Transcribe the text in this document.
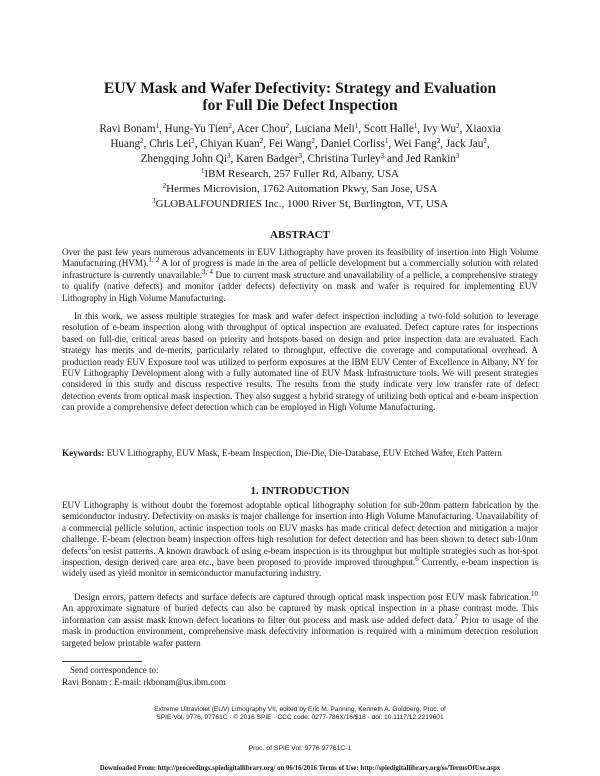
EUV Mask and Wafer Defectivity: Strategy and Evaluation
for Full Die Defect Inspection
Ravi Bonam$^1$, Hung-Yu Tien$^2$, Acer Chou$^2$, Luciana Meli$^1$, Scott Halle$^1$, Ivy Wu$^2$, Xiaoxia
Huang$^2$, Chris Lei$^2$, Chiyan Kuan$^2$, Fei Wang$^2$, Daniel Corliss$^1$, Wei Fang$^2$, Jack Jau$^2$,
Zhengqing John Qi$^3$, Karen Badger$^3$, Christina Turley$^3$ and Jed Rankin$^3$
$^1$IBM Research, 257 Fuller Rd, Albany, USA
$^2$Hermes Microvision, 1762 Automation Pkwy, San Jose, USA
$^3$GLOBALFOUNDRIES Inc., 1000 River St, Burlington, VT, USA
ABSTRACT
Over the past few years numerous advancements in EUV Lithography have proven its feasibility of insertion into High Volume Manufacturing (HVM).$^{1, 2}$ A lot of progress is made in the area of pellicle development but a commercially solution with related infrastructure is currently unavailable.$^{3, 4}$ Due to current mask structure and unavailability of a pellicle, a comprehensive strategy to qualify (native defects) and monitor (adder defects) defectivity on mask and wafer is required for implementing EUV Lithography in High Volume Manufacturing.
In this work, we assess multiple strategies for mask and wafer defect inspection including a two-fold solution to leverage resolution of e-beam inspection along with throughput of optical inspection are evaluated. Defect capture rates for inspections based on full-die, critical areas based on priority and hotspots based on design and prior inspection data are evaluated. Each strategy has merits and de-merits, particularly related to throughput, effective die coverage and computational overhead. A production ready EUV Exposure tool was utilized to perform exposures at the IBM EUV Center of Excellence in Albany, NY for EUV Lithography Development along with a fully automated line of EUV Mask Infrastructure tools. We will present strategies considered in this study and discuss respective results. The results from the study indicate very low transfer rate of defect detection events from optical mask inspection. They also suggest a hybrid strategy of utilizing both optical and e-beam inspection can provide a comprehensive defect detection which can be employed in High Volume Manufacturing.
Keywords: EUV Lithography, EUV Mask, E-beam Inspection, Die-Die, Die-Database, EUV Etched Wafer, Etch Pattern
1. INTRODUCTION
EUV Lithography is without doubt the foremost adoptable optical lithography solution for sub-20nm pattern fabrication by the semiconductor industry. Defectivity on masks is major challenge for insertion into High Volume Manufacturing. Unavailability of a commercial pellicle solution, actinic inspection tools on EUV masks has made critical defect detection and mitigation a major challenge. E-beam (electron beam) inspection offers high resolution for defect detection and has been shown to detect sub-10nm defects$^5$on resist patterns. A known drawback of using e-beam inspection is its throughput but multiple strategies such as hot-spot inspection, design derived care area etc., have been proposed to provide improved throughput.$^6$ Currently, e-beam inspection is widely used as yield monitor in semiconductor manufacturing industry.
Design errors, pattern defects and surface defects are captured through optical mask inspection post EUV mask fabrication.$^{10}$ An approximate signature of buried defects can also be captured by mask optical inspection in a phase contrast mode. This information can assist mask known defect locations to filter out process and mask use added defect data.$^7$ Prior to usage of the mask in production environment, comprehensive mask defectivity information is required with a minimum detection resolution targeted below printable wafer pattern
Send correspondence to:
Ravi Bonam : E-mail: rkbonam@us.ibm.com
Extreme Ultraviolet (EUV) Lithography VII, edited by Eric M. Panning, Kenneth A. Goldberg, Proc. of
SPIE Vol. 9776, 97761C · © 2016 SPIE · CCC code: 0277-786X/16/$18 · doi: 10.1117/12.2219601
Proc. of SPIE Vol. 9776 97761C-1
Downloaded From: http://proceedings.spiedigitallibrary.org/ on 06/16/2016 Terms of Use: http://spiedigitallibrary.org/ss/TermsOfUse.aspx
